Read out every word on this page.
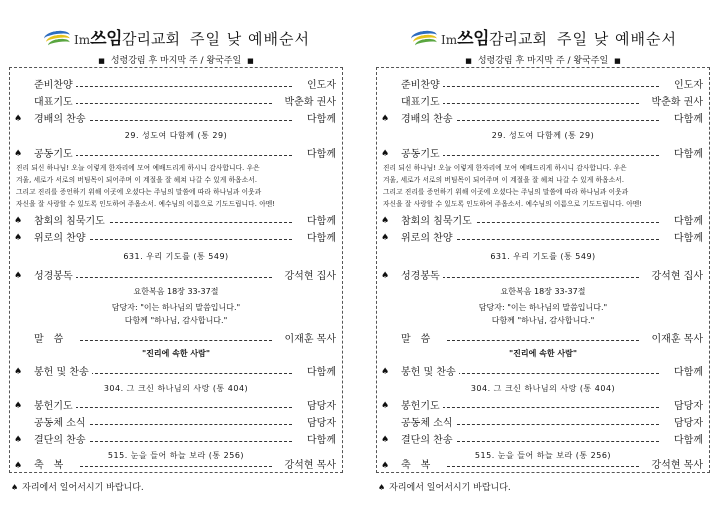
Im쓰임감리교회 주일 낮 예배순서
■ 성령강림 후 마지막 주 / 왕국주일 ■
준비찬양	인도자
대표기도	박춘화 권사
♠ 경배의 찬송	다함께
29. 성도여 다함께 (통 29)
♠ 공동기도	다함께
진리 되신 하나님! 오늘 이렇게 한자리에 모여 예배드리게 하시니 감사합니다. 우은
겨울, 세로가 서로의 버팀목이 되어주며 이 계절을 잘 헤쳐 나갈 수 있게 하옵소서.
그리고 진리를 증언하기 위해 이곳에 오셨다는 주님의 말씀에 따라 하나님과 이웃과
자신을 잘 사랑할 수 있도록 인도하여 주옵소서. 예수님의 이름으로 기도드립니다. 아멘!
♠ 참회의 침묵기도	다함께
♠ 위로의 찬양	다함께
631. 우리 기도를 (통 549)
♠ 성경봉독	강석현 집사
요한복음 18장 33-37절
담당자: "이는 하나님의 말씀입니다."
다함께 "하나님, 감사합니다."
말씀	이재훈 목사
"진리에 속한 사람"
♠ 봉헌 및 찬송	다함께
304. 그 크신 하나님의 사랑 (통 404)
♠ 봉헌기도	담당자
공동체 소식	담당자
♠ 결단의 찬송	다함께
515. 눈을 들어 하늘 보라 (통 256)
♠ 축복	강석현 목사
♠ 자리에서 일어서시기 바랍니다.
Im쓰임감리교회 주일 낮 예배순서
■ 성령강림 후 마지막 주 / 왕국주일 ■
준비찬양	인도자
대표기도	박춘화 권사
♠ 경배의 찬송	다함께
29. 성도여 다함께 (통 29)
♠ 공동기도	다함께
진리 되신 하나님! 오늘 이렇게 한자리에 모여 예배드리게 하시니 감사합니다. 우은
겨울, 세로가 서로의 버팀목이 되어주며 이 계절을 잘 헤쳐 나갈 수 있게 하옵소서.
그리고 진리를 증언하기 위해 이곳에 오셨다는 주님의 말씀에 따라 하나님과 이웃과
자신을 잘 사랑할 수 있도록 인도하여 주옵소서. 예수님의 이름으로 기도드립니다. 아멘!
♠ 참회의 침묵기도	다함께
♠ 위로의 찬양	다함께
631. 우리 기도를 (통 549)
♠ 성경봉독	강석현 집사
요한복음 18장 33-37절
담당자: "이는 하나님의 말씀입니다."
다함께 "하나님, 감사합니다."
말씀	이재훈 목사
"진리에 속한 사람"
♠ 봉헌 및 찬송	다함께
304. 그 크신 하나님의 사랑 (통 404)
♠ 봉헌기도	담당자
공동체 소식	담당자
♠ 결단의 찬송	다함께
515. 눈을 들어 하늘 보라 (통 256)
♠ 축복	강석현 목사
♠ 자리에서 일어서시기 바랍니다.
